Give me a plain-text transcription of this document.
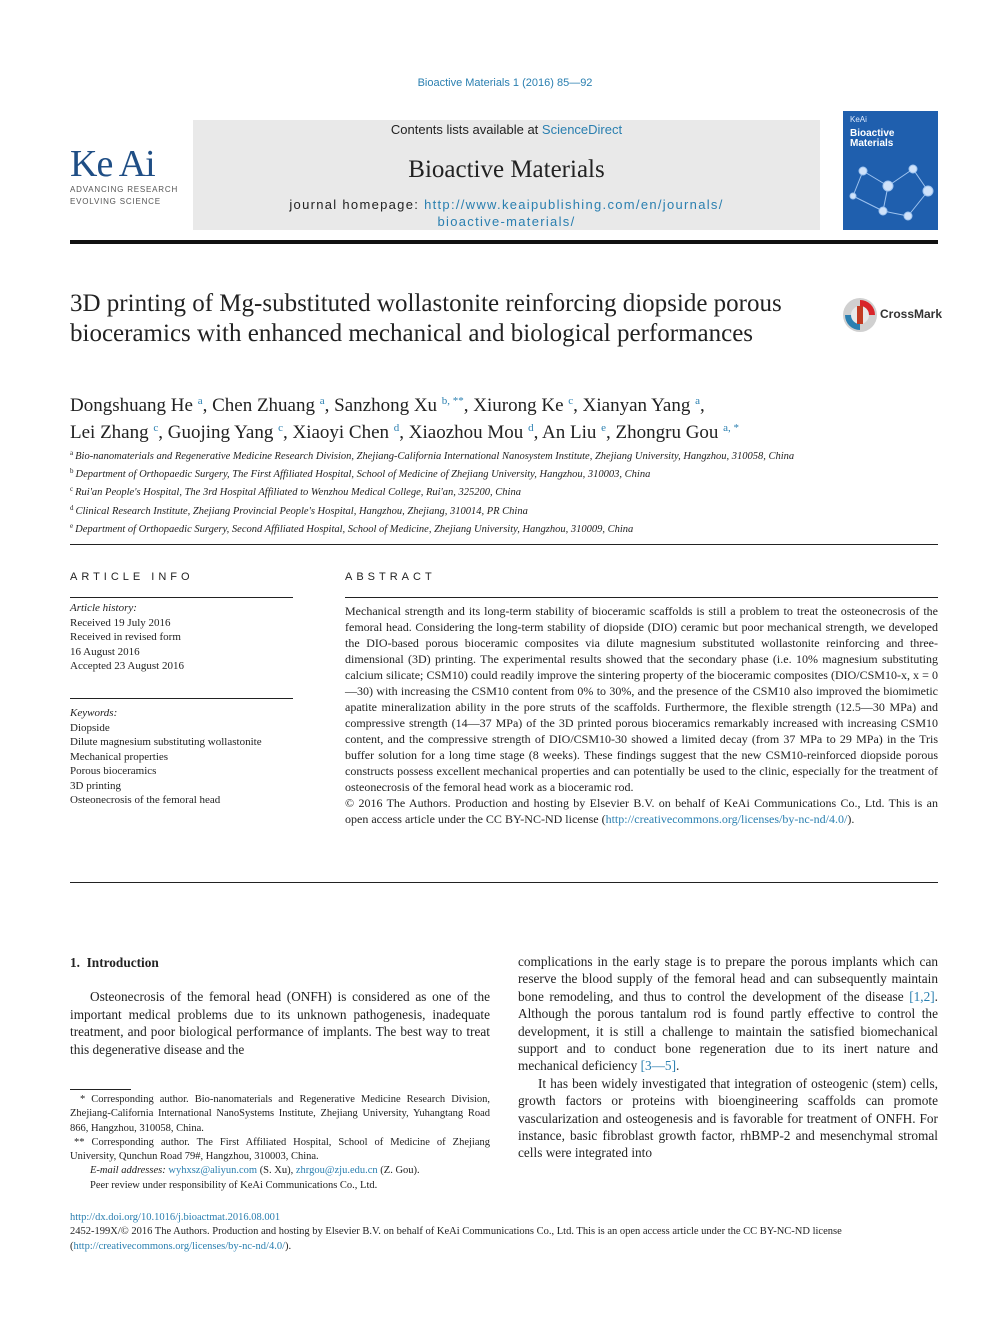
Bioactive Materials 1 (2016) 85—92
Ke Ai
ADVANCING RESEARCH
EVOLVING SCIENCE
Contents lists available at ScienceDirect
Bioactive Materials
journal homepage: http://www.keaipublishing.com/en/journals/
bioactive-materials/
KeAi
Bioactive
Materials
3D printing of Mg-substituted wollastonite reinforcing diopside porous bioceramics with enhanced mechanical and biological performances
CrossMark
Dongshuang He $^a$, Chen Zhuang $^a$, Sanzhong Xu $^{b, **}$, Xiurong Ke $^c$, Xianyan Yang $^a$,
Lei Zhang $^c$, Guojing Yang $^c$, Xiaoyi Chen $^d$, Xiaozhou Mou $^d$, An Liu $^e$, Zhongru Gou $^{a, *}$
$^a$ Bio-nanomaterials and Regenerative Medicine Research Division, Zhejiang-California International Nanosystem Institute, Zhejiang University, Hangzhou, 310058, China
$^b$ Department of Orthopaedic Surgery, The First Affiliated Hospital, School of Medicine of Zhejiang University, Hangzhou, 310003, China
$^c$ Rui'an People's Hospital, The 3rd Hospital Affiliated to Wenzhou Medical College, Rui'an, 325200, China
$^d$ Clinical Research Institute, Zhejiang Provincial People's Hospital, Hangzhou, Zhejiang, 310014, PR China
$^e$ Department of Orthopaedic Surgery, Second Affiliated Hospital, School of Medicine, Zhejiang University, Hangzhou, 310009, China
ARTICLE INFO
Article history:
Received 19 July 2016
Received in revised form
16 August 2016
Accepted 23 August 2016
Keywords:
Diopside
Dilute magnesium substituting wollastonite
Mechanical properties
Porous bioceramics
3D printing
Osteonecrosis of the femoral head
ABSTRACT
Mechanical strength and its long-term stability of bioceramic scaffolds is still a problem to treat the osteonecrosis of the femoral head. Considering the long-term stability of diopside (DIO) ceramic but poor mechanical strength, we developed the DIO-based porous bioceramic composites via dilute magnesium substituted wollastonite reinforcing and three-dimensional (3D) printing. The experimental results showed that the secondary phase (i.e. 10% magnesium substituting calcium silicate; CSM10) could readily improve the sintering property of the bioceramic composites (DIO/CSM10-x, x = 0—30) with increasing the CSM10 content from 0% to 30%, and the presence of the CSM10 also improved the biomimetic apatite mineralization ability in the pore struts of the scaffolds. Furthermore, the flexible strength (12.5—30 MPa) and compressive strength (14—37 MPa) of the 3D printed porous bioceramics remarkably increased with increasing CSM10 content, and the compressive strength of DIO/CSM10-30 showed a limited decay (from 37 MPa to 29 MPa) in the Tris buffer solution for a long time stage (8 weeks). These findings suggest that the new CSM10-reinforced diopside porous constructs possess excellent mechanical properties and can potentially be used to the clinic, especially for the treatment of osteonecrosis of the femoral head work as a bioceramic rod.
© 2016 The Authors. Production and hosting by Elsevier B.V. on behalf of KeAi Communications Co., Ltd. This is an open access article under the CC BY-NC-ND license (http://creativecommons.org/licenses/by-nc-nd/4.0/).
1. Introduction

Osteonecrosis of the femoral head (ONFH) is considered as one of the important medical problems due to its unknown pathogenesis, inadequate treatment, and poor biological performance of implants. The best way to treat this degenerative disease and the

complications in the early stage is to prepare the porous implants which can reserve the blood supply of the femoral head and can subsequently maintain bone remodeling, and thus to control the development of the disease [1,2]. Although the porous tantalum rod is found partly effective to control the development, it is still a challenge to maintain the satisfied biomechanical support and to conduct bone regeneration due to its inert nature and mechanical deficiency [3—5].

It has been widely investigated that integration of osteogenic (stem) cells, growth factors or proteins with bioengineering scaffolds can promote vascularization and osteogenesis and is favorable for treatment of ONFH. For instance, basic fibroblast growth factor, rhBMP-2 and mesenchymal stromal cells were integrated into

* Corresponding author. Bio-nanomaterials and Regenerative Medicine Research Division, Zhejiang-California International NanoSystems Institute, Zhejiang University, Yuhangtang Road 866, Hangzhou, 310058, China.
** Corresponding author. The First Affiliated Hospital, School of Medicine of Zhejiang University, Qunchun Road 79#, Hangzhou, 310003, China.
E-mail addresses: wyhxsz@aliyun.com (S. Xu), zhrgou@zju.edu.cn (Z. Gou).
Peer review under responsibility of KeAi Communications Co., Ltd.
http://dx.doi.org/10.1016/j.bioactmat.2016.08.001
2452-199X/© 2016 The Authors. Production and hosting by Elsevier B.V. on behalf of KeAi Communications Co., Ltd. This is an open access article under the CC BY-NC-ND license (http://creativecommons.org/licenses/by-nc-nd/4.0/).
